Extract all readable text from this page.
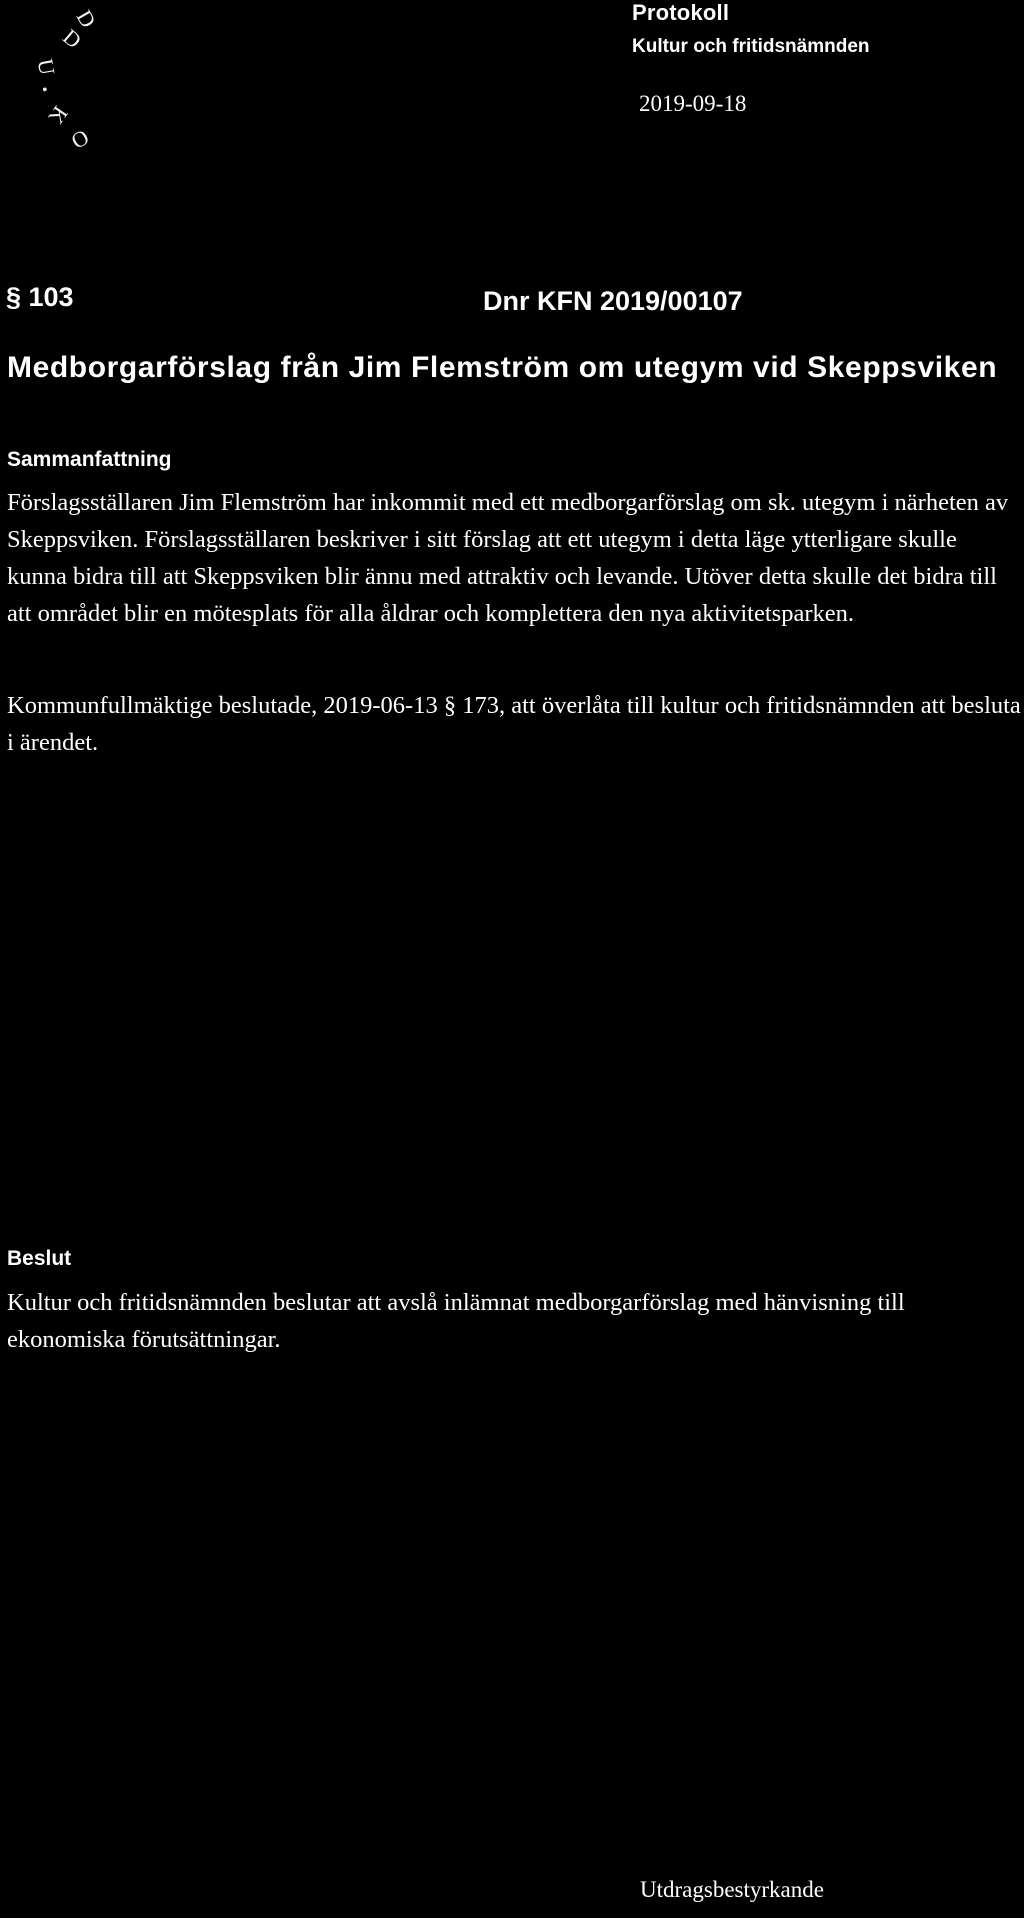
Protokoll
Kultur och fritidsnämnden
2019-09-18
D
D
U
•
K
O
§ 103	Dnr KFN 2019/00107
Medborgarförslag från Jim Flemström om utegym vid Skeppsviken
Sammanfattning
Förslagsställaren Jim Flemström har inkommit med ett medborgarförslag om sk. utegym i närheten av Skeppsviken. Förslagsställaren beskriver i sitt förslag att ett utegym i detta läge ytterligare skulle kunna bidra till att Skeppsviken blir ännu med attraktiv och levande. Utöver detta skulle det bidra till att området blir en mötesplats för alla åldrar och komplettera den nya aktivitetsparken.
Kommunfullmäktige beslutade, 2019-06-13 § 173, att överlåta till kultur och fritidsnämnden att besluta i ärendet.
Beslut
Kultur och fritidsnämnden beslutar att avslå inlämnat medborgarförslag med hänvisning till ekonomiska förutsättningar.
Utdragsbestyrkande
